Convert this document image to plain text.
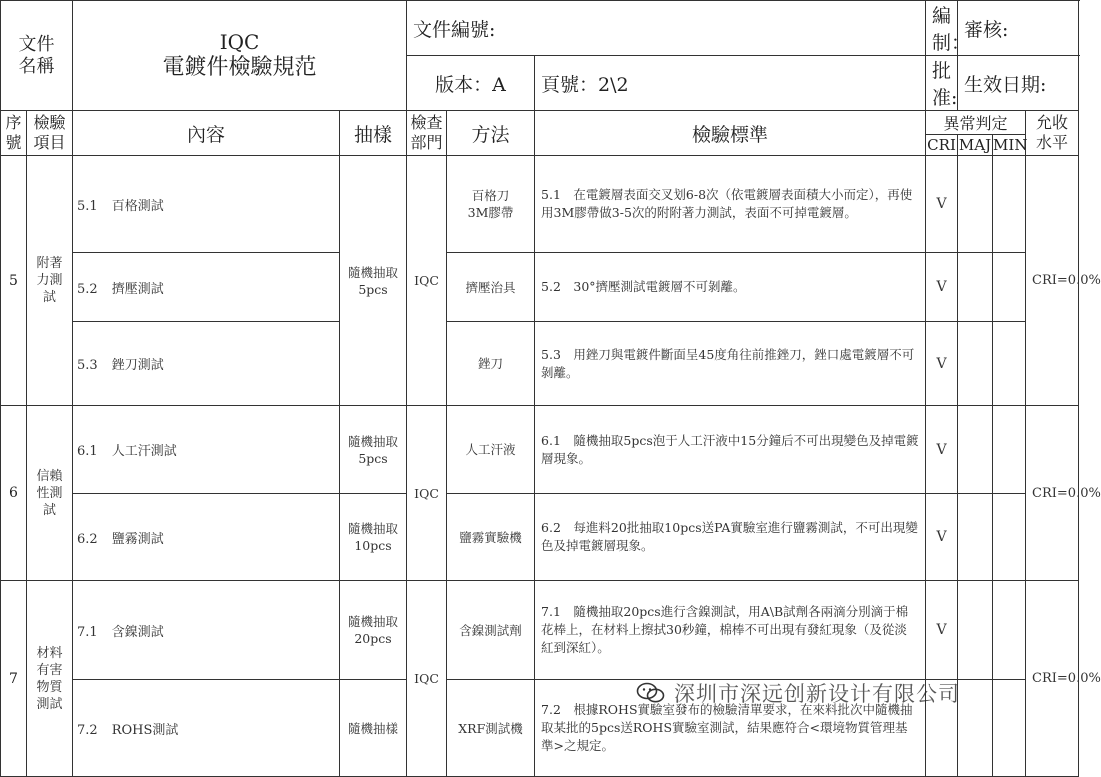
文件名稱		IQC
電鍍件檢驗規范		文件編號:			編制：	審核:		
				版本：A		頁號：2\2	批准:	生效日期:		

序號	檢驗項目	內容	抽樣	檢查部門	方法	檢驗標準	異常判定			允收水平

							CRI	MAJ	MIN	
5	附著力測試	5.1 百格測試	隨機抽取5pcs	IQC	百格刀3M膠帶	5.1　在電鍍層表面交叉划6-8次（依電鍍層表面積大小而定），再使用3M膠帶做3-5次的附附著力測試，表面不可掉電鍍層。	V			CRI=0.0%

		5.2 擠壓測試			擠壓治具	5.2　30°擠壓測試電鍍層不可剝離。	V			
		5.3 銼刀測試			銼刀	5.3　用銼刀與電鍍件斷面呈45度角往前推銼刀，銼口處電鍍層不可剝離。	V			
6	信賴性測試	6.1 人工汗測試	隨機抽取5pcs	IQC	人工汗液	6.1　隨機抽取5pcs泡于人工汗液中15分鐘后不可出現變色及掉電鍍層現象。	V			CRI=0.0%

		6.2 鹽霧測試	隨機抽取10pcs		鹽霧實驗機	6.2　每進料20批抽取10pcs送PA實驗室進行鹽霧測試，不可出現變色及掉電鍍層現象。	V			
7	材料有害物質測試	7.1 含鎳測試	隨機抽取20pcs	IQC	含鎳測試劑	7.1　隨機抽取20pcs進行含鎳測試，用A\B試劑各兩滴分別滴于棉花棒上，在材料上擦拭30秒鐘，棉棒不可出現有發紅現象（及從淡紅到深紅）。	V			CRI=0.0%

		7.2 ROHS測試	隨機抽樣		XRF測試機	7.2　根據ROHS實驗室發布的檢驗清單要求，在來料批次中隨機抽取某批的5pcs送ROHS實驗室測試，結果應符合<環境物質管理基準>之規定。				
深圳市深远创新设计有限公司
